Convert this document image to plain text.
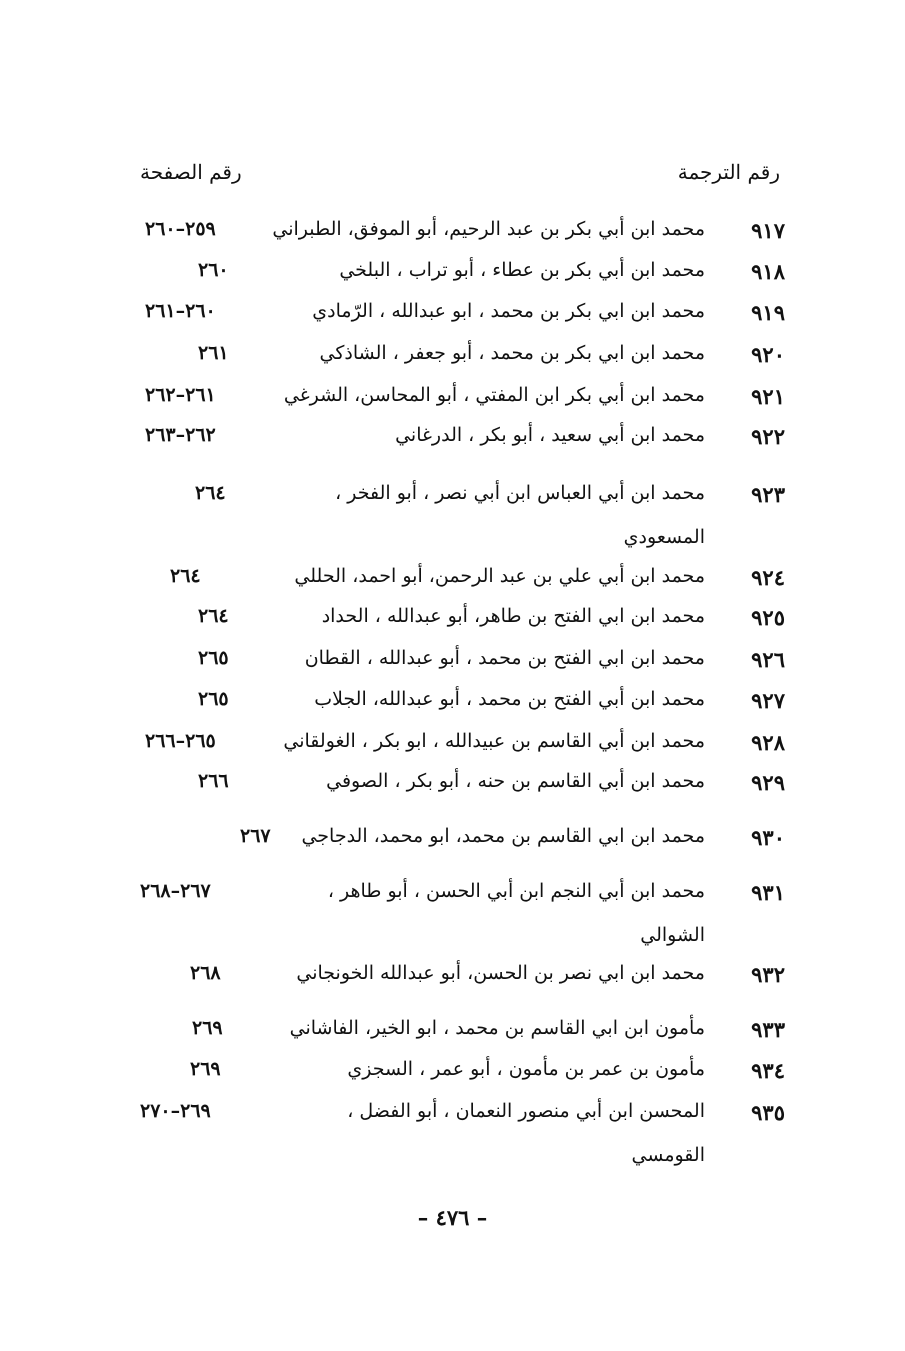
رقم الترجمة
رقم الصفحة
٩١٧
محمد ابن أبي بكر بن عبد الرحيم، أبو الموفق، الطبراني
٢٥٩–٢٦٠
٩١٨
محمد ابن أبي بكر بن عطاء ، أبو تراب ، البلخي
٢٦٠
٩١٩
محمد ابن ابي بكر بن محمد ، ابو عبدالله ، الرّمادي
٢٦٠–٢٦١
٩٢٠
محمد ابن ابي بكر بن محمد ، أبو جعفر ، الشاذكي
٢٦١
٩٢١
محمد ابن أبي بكر ابن المفتي ، أبو المحاسن، الشرغي
٢٦١–٢٦٢
٩٢٢
محمد ابن أبي سعيد ، أبو بكر ، الدرغاني
٢٦٢–٢٦٣
٩٢٣
محمد ابن أبي العباس ابن أبي نصر ، أبو الفخر ،
٢٦٤
المسعودي
٩٢٤
محمد ابن أبي علي بن عبد الرحمن، أبو احمد، الحللي
٢٦٤
٩٢٥
محمد ابن ابي الفتح بن طاهر، أبو عبدالله ، الحداد
٢٦٤
٩٢٦
محمد ابن ابي الفتح بن محمد ، أبو عبدالله ، القطان
٢٦٥
٩٢٧
محمد ابن أبي الفتح بن محمد ، أبو عبدالله، الجلاب
٢٦٥
٩٢٨
محمد ابن أبي القاسم بن عبيدالله ، ابو بكر ، الغولقاني
٢٦٥–٢٦٦
٩٢٩
محمد ابن أبي القاسم بن حنه ، أبو بكر ، الصوفي
٢٦٦
٩٣٠
محمد ابن ابي القاسم بن محمد، ابو محمد، الدجاجي
٢٦٧
٩٣١
محمد ابن أبي النجم ابن أبي الحسن ، أبو طاهر ،
٢٦٧–٢٦٨
الشوالي
٩٣٢
محمد ابن ابي نصر بن الحسن، أبو عبدالله الخونجاني
٢٦٨
٩٣٣
مأمون ابن ابي القاسم بن محمد ، ابو الخير، الفاشاني
٢٦٩
٩٣٤
مأمون بن عمر بن مأمون ، أبو عمر ، السجزي
٢٦٩
٩٣٥
المحسن ابن أبي منصور النعمان ، أبو الفضل ،
٢٦٩–٢٧٠
القومسي
– ٤٧٦ –
